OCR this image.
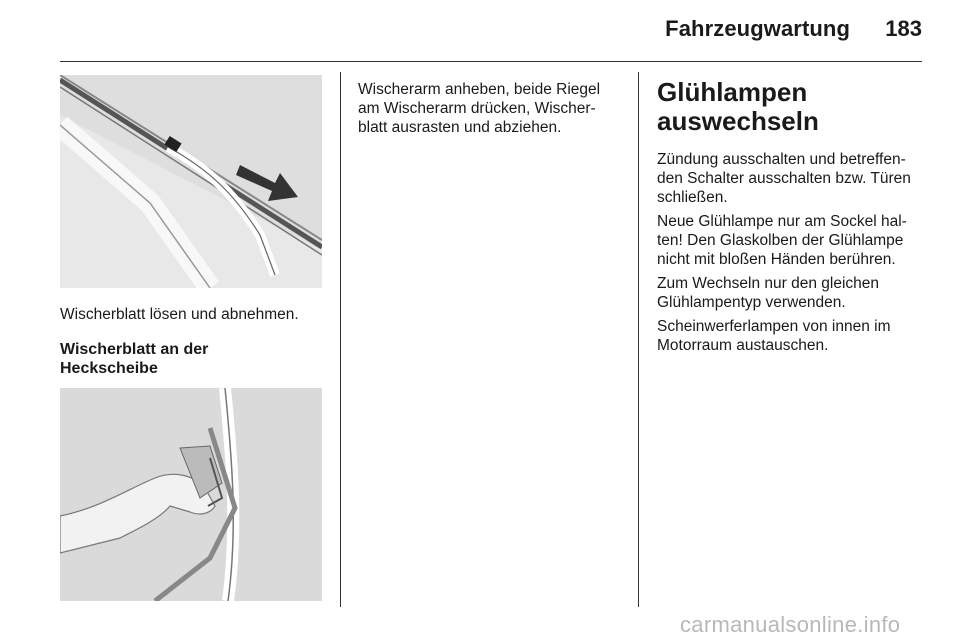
Fahrzeugwartung 183
Wischerblatt lösen und abnehmen.
Wischerblatt an der
Heckscheibe
Wischerarm anheben, beide Riegel
am Wischerarm drücken, Wischer-
blatt ausrasten und abziehen.
Glühlampen
auswechseln
Zündung ausschalten und betreffen-
den Schalter ausschalten bzw. Türen
schließen.
Neue Glühlampe nur am Sockel hal-
ten! Den Glaskolben der Glühlampe
nicht mit bloßen Händen berühren.
Zum Wechseln nur den gleichen
Glühlampentyp verwenden.
Scheinwerferlampen von innen im
Motorraum austauschen.
carmanualsonline.info
